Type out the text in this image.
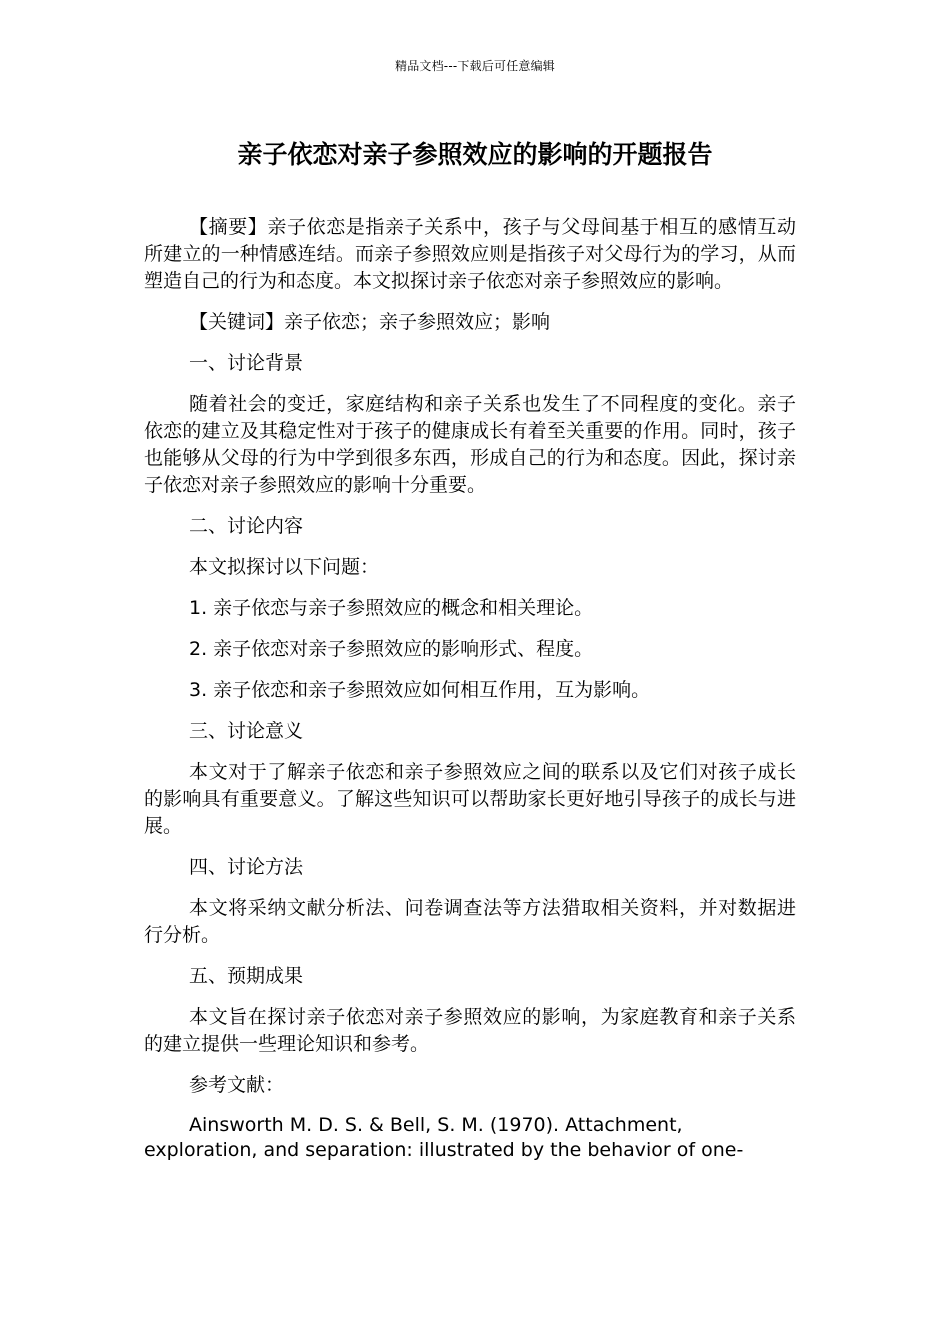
精品文档---下载后可任意编辑
亲子依恋对亲子参照效应的影响的开题报告

【摘要】亲子依恋是指亲子关系中，孩子与父母间基于相互的感情互动所建立的一种情感连结。而亲子参照效应则是指孩子对父母行为的学习，从而塑造自己的行为和态度。本文拟探讨亲子依恋对亲子参照效应的影响。

【关键词】亲子依恋；亲子参照效应；影响

一、讨论背景

随着社会的变迁，家庭结构和亲子关系也发生了不同程度的变化。亲子依恋的建立及其稳定性对于孩子的健康成长有着至关重要的作用。同时，孩子也能够从父母的行为中学到很多东西，形成自己的行为和态度。因此，探讨亲子依恋对亲子参照效应的影响十分重要。

二、讨论内容

本文拟探讨以下问题：

1. 亲子依恋与亲子参照效应的概念和相关理论。

2. 亲子依恋对亲子参照效应的影响形式、程度。

3. 亲子依恋和亲子参照效应如何相互作用，互为影响。

三、讨论意义

本文对于了解亲子依恋和亲子参照效应之间的联系以及它们对孩子成长的影响具有重要意义。了解这些知识可以帮助家长更好地引导孩子的成长与进展。

四、讨论方法

本文将采纳文献分析法、问卷调查法等方法猎取相关资料，并对数据进行分析。

五、预期成果

本文旨在探讨亲子依恋对亲子参照效应的影响，为家庭教育和亲子关系的建立提供一些理论知识和参考。

参考文献：

Ainsworth M. D. S. & Bell, S. M. (1970). Attachment, exploration, and separation: illustrated by the behavior of one-
